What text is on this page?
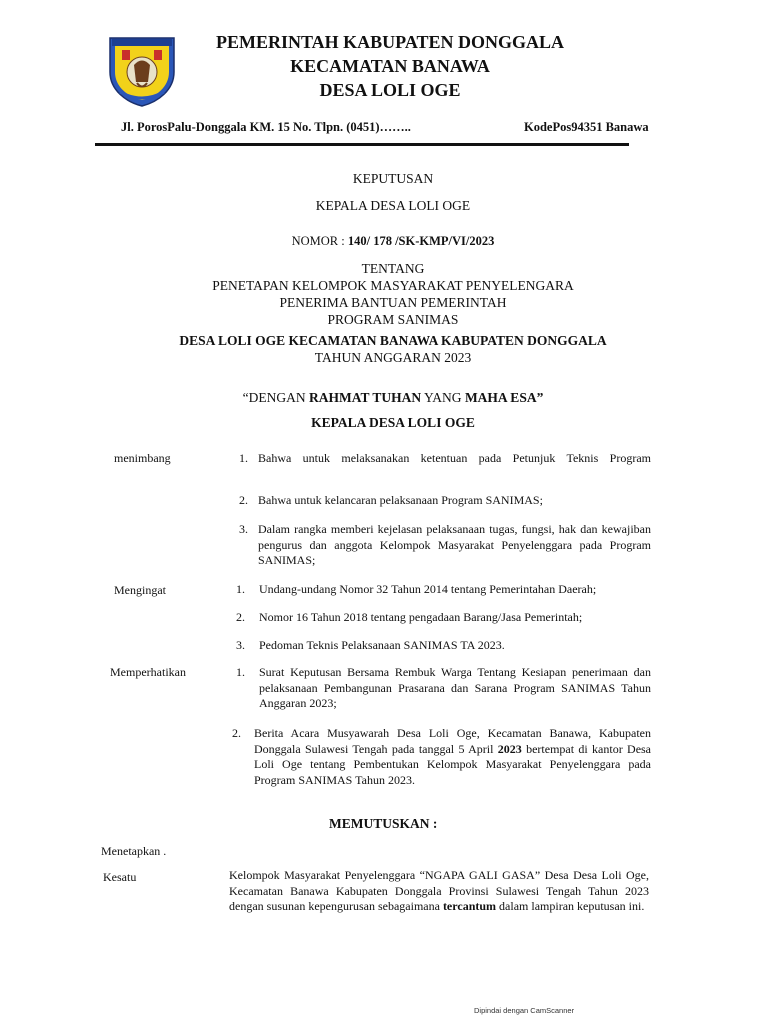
PEMERINTAH KABUPATEN DONGGALA
KECAMATAN BANAWA
DESA LOLI OGE
Jl. PorosPalu-Donggala KM. 15 No. Tlpn. (0451)……..	KodePos94351 Banawa
KEPUTUSAN
KEPALA DESA LOLI OGE
NOMOR : 140/ 178 /SK-KMP/VI/2023
TENTANG
PENETAPAN KELOMPOK MASYARAKAT PENYELENGARA
PENERIMA BANTUAN PEMERINTAH
PROGRAM SANIMAS
DESA LOLI OGE KECAMATAN BANAWA KABUPATEN DONGGALA
TAHUN ANGGARAN 2023
“DENGAN RAHMAT TUHAN YANG MAHA ESA”
KEPALA DESA LOLI OGE
menimbang	1. Bahwa untuk melaksanakan ketentuan pada Petunjuk Teknis Program
2. Bahwa untuk kelancaran pelaksanaan Program SANIMAS;
3. Dalam rangka memberi kejelasan pelaksanaan tugas, fungsi, hak dan kewajiban pengurus dan anggota Kelompok Masyarakat Penyelenggara pada Program SANIMAS;
Mengingat	1. Undang-undang Nomor 32 Tahun 2014 tentang Pemerintahan Daerah;
2. Nomor 16 Tahun 2018 tentang pengadaan Barang/Jasa Pemerintah;
3. Pedoman Teknis Pelaksanaan SANIMAS TA 2023.
Memperhatikan	1. Surat Keputusan Bersama Rembuk Warga Tentang Kesiapan penerimaan dan pelaksanaan Pembangunan Prasarana dan Sarana Program SANIMAS Tahun Anggaran 2023;
2. Berita Acara Musyawarah Desa Loli Oge, Kecamatan Banawa, Kabupaten Donggala Sulawesi Tengah pada tanggal 5 April 2023 bertempat di kantor Desa Loli Oge tentang Pembentukan Kelompok Masyarakat Penyelenggara pada Program SANIMAS Tahun 2023.
MEMUTUSKAN :
Menetapkan .
Kesatu	Kelompok Masyarakat Penyelenggara “NGAPA GALI GASA” Desa Desa Loli Oge, Kecamatan Banawa Kabupaten Donggala Provinsi Sulawesi Tengah Tahun 2023 dengan susunan kepengurusan sebagaimana tercantum dalam lampiran keputusan ini.
Dipindai dengan CamScanner
